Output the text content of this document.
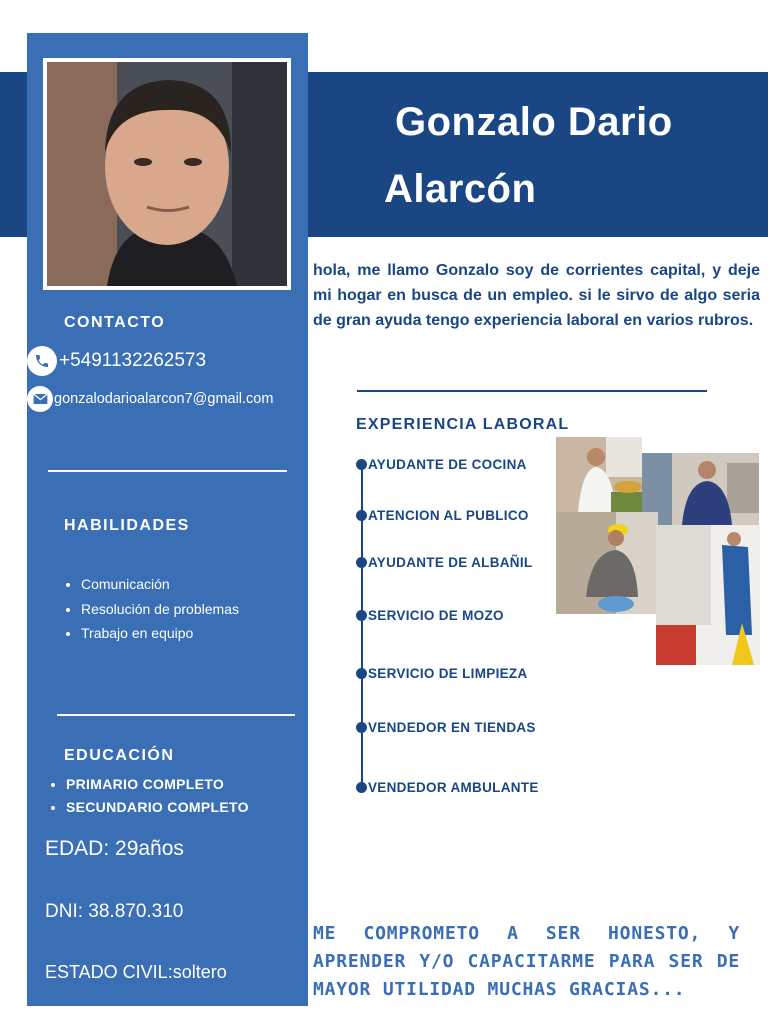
Gonzalo Dario
Alarcón
hola, me llamo Gonzalo soy de corrientes capital, y deje mi hogar en busca de un empleo. si le sirvo de algo seria de gran ayuda tengo experiencia laboral en varios rubros.
CONTACTO
+5491132262573
gonzalodarioalarcon7@gmail.com
HABILIDADES
• Comunicación
• Resolución de problemas
• Trabajo en equipo
EDUCACIÓN
• PRIMARIO COMPLETO
• SECUNDARIO COMPLETO
EDAD: 29años
DNI: 38.870.310
ESTADO CIVIL:soltero
EXPERIENCIA LABORAL
AYUDANTE DE COCINA
ATENCION AL PUBLICO
AYUDANTE DE ALBAÑIL
SERVICIO DE MOZO
SERVICIO DE LIMPIEZA
VENDEDOR EN TIENDAS
VENDEDOR AMBULANTE
ME COMPROMETO A SER HONESTO, Y APRENDER Y/O CAPACITARME PARA SER DE MAYOR UTILIDAD MUCHAS GRACIAS...
